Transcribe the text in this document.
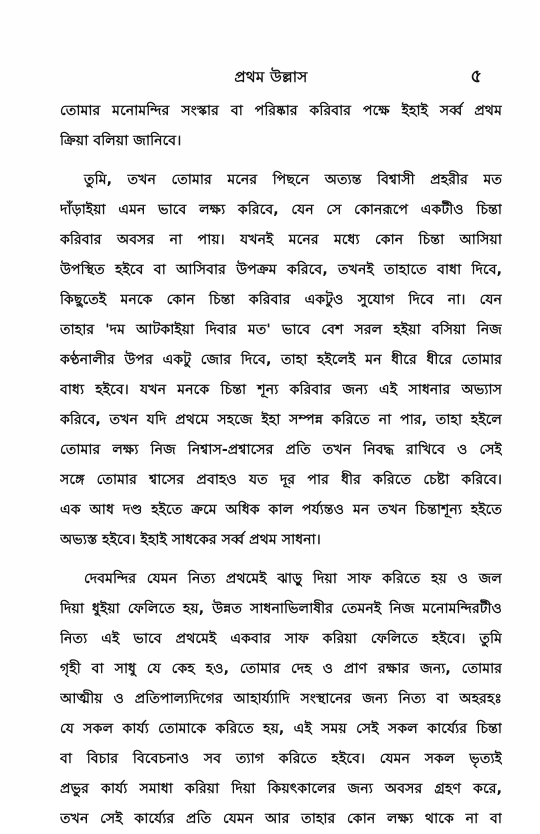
প্রথম উল্লাস	৫
তোমার মনোমন্দির সংস্কার বা পরিষ্কার করিবার পক্ষে ইহাই সর্ব্ব প্রথম
ক্রিয়া বলিয়া জানিবে।
তুমি, তখন তোমার মনের পিছনে অত্যন্ত বিশ্বাসী প্রহরীর মত
দাঁড়াইয়া এমন ভাবে লক্ষ্য করিবে, যেন সে কোনরূপে একটীও চিন্তা
করিবার অবসর না পায়। যখনই মনের মধ্যে কোন চিন্তা আসিয়া
উপস্থিত হইবে বা আসিবার উপক্রম করিবে, তখনই তাহাতে বাধা দিবে,
কিছুতেই মনকে কোন চিন্তা করিবার একটুও সুযোগ দিবে না। যেন
তাহার 'দম আটকাইয়া দিবার মত' ভাবে বেশ সরল হইয়া বসিয়া নিজ
কণ্ঠনালীর উপর একটু জোর দিবে, তাহা হইলেই মন ধীরে ধীরে তোমার
বাধ্য হইবে। যখন মনকে চিন্তা শূন্য করিবার জন্য এই সাধনার অভ্যাস
করিবে, তখন যদি প্রথমে সহজে ইহা সম্পন্ন করিতে না পার, তাহা হইলে
তোমার লক্ষ্য নিজ নিশ্বাস-প্রশ্বাসের প্রতি তখন নিবদ্ধ রাখিবে ও সেই
সঙ্গে তোমার শ্বাসের প্রবাহও যত দূর পার ধীর করিতে চেষ্টা করিবে।
এক আধ দণ্ড হইতে ক্রমে অধিক কাল পর্য্যন্তও মন তখন চিন্তাশূন্য হইতে
অভ্যস্ত হইবে। ইহাই সাধকের সর্ব্ব প্রথম সাধনা।
দেবমন্দির যেমন নিত্য প্রথমেই ঝাড়ু দিয়া সাফ করিতে হয় ও জল
দিয়া ধুইয়া ফেলিতে হয়, উন্নত সাধনাভিলাষীর তেমনই নিজ মনোমন্দিরটীও
নিত্য এই ভাবে প্রথমেই একবার সাফ করিয়া ফেলিতে হইবে। তুমি
গৃহী বা সাধু যে কেহ হও, তোমার দেহ ও প্রাণ রক্ষার জন্য, তোমার
আত্মীয় ও প্রতিপাল্যদিগের আহার্য্যাদি সংস্থানের জন্য নিত্য বা অহরহঃ
যে সকল কার্য্য তোমাকে করিতে হয়, এই সময় সেই সকল কার্য্যের চিন্তা
বা বিচার বিবেচনাও সব ত্যাগ করিতে হইবে। যেমন সকল ভৃত্যই
প্রভুর কার্য্য সমাধা করিয়া দিয়া কিয়ৎকালের জন্য অবসর গ্রহণ করে,
তখন সেই কার্য্যের প্রতি যেমন আর তাহার কোন লক্ষ্য থাকে না বা
